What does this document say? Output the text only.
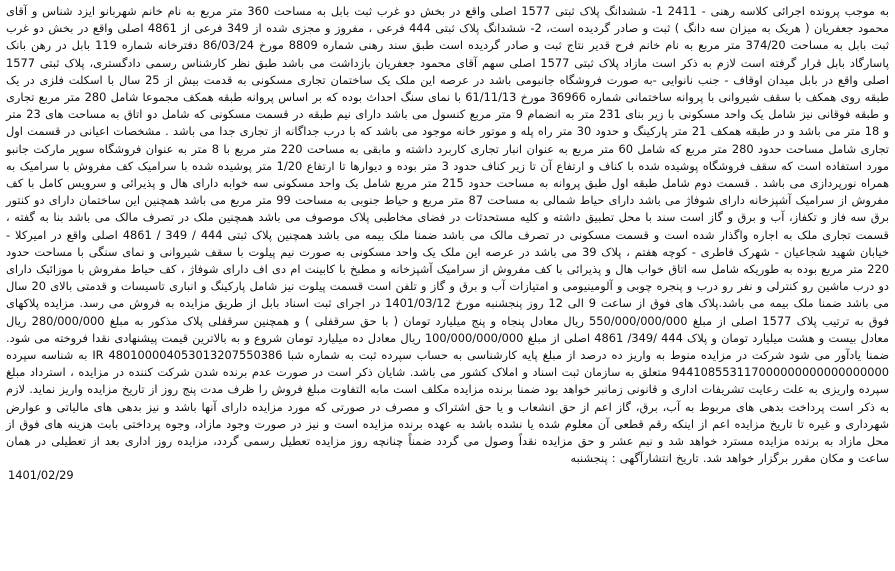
به موجب پرونده اجرائی کلاسه رهنی - 2411 1- ششدانگ پلاک ثبتی 1577 اصلی واقع در بخش دو غرب ثبت بابل به مساحت 360 متر مربع به نام خانم شهربانو ایزد شناس و آقای محمود جعفریان ( هریک به میزان سه دانگ ) ثبت و صادر گردیده است، 2- ششدانگ پلاک ثبتی 444 فرعی ، مفروز و مجزی شده از 349 فرعی از 4861 اصلی واقع در بخش دو غرب ثبت بابل به مساحت 374/20 متر مربع به نام خانم فرح قدیر نتاج ثبت و صادر گردیده است طبق سند رهنی شماره 8809 مورخ 86/03/24 دفترخانه شماره 119 بابل در رهن بانک پاسارگاد بابل قرار گرفته است لازم به ذکر است مازاد پلاک ثبتی 1577 اصلی سهم آقای محمود جعفریان بازداشت می باشد طبق نظر کارشناس رسمی دادگستری، پلاک ثبتی 1577 اصلی واقع در بابل میدان اوقاف - جنب نانوایی -به صورت فروشگاه جانبومی باشد در عرصه این ملک یک ساختمان تجاری مسکونی به قدمت بیش از 25 سال با اسکلت فلزی در یک طبقه روی همکف با سقف شیروانی با پروانه ساختمانی شماره 36966 مورخ 61/11/13 با نمای سنگ احداث بوده که بر اساس پروانه طبقه همکف مجموعا شامل 280 متر مربع تجاری و طبقه فوقانی نیز شامل یک واحد مسکونی با زیر بنای 231 متر به انضمام 9 متر مربع کنسول می باشد دارای نیم طبقه در قسمت مسکونی که شامل دو اتاق به مساحت های 23 متر و 18 متر می باشد و در طبقه همکف 21 متر پارکینگ و حدود 30 متر راه پله و موتور خانه موجود می باشد که با درب جداگانه از تجاری جدا می باشد . مشخصات اعیانی در قسمت اول تجاری شامل مساحت حدود 280 متر مربع که شامل 60 متر مربع به عنوان انبار تجاری کاربرد داشته و مابقی به مساحت 220 متر مربع با 8 متر به عنوان فروشگاه سوپر مارکت جانبو مورد استفاده است که سقف فروشگاه پوشیده شده با کناف و ارتفاع آن تا زیر کناف حدود 3 متر بوده و دیوارها تا ارتفاع 1/20 متر پوشیده شده با سرامیک کف مفروش با سرامیک به همراه نورپردازی می باشد . قسمت دوم شامل طبقه اول طبق پروانه به مساحت حدود 215 متر مربع شامل یک واحد مسکونی سه خوابه دارای هال و پذیرائی و سرویس کامل با کف مفروش از سرامیک آشپزخانه دارای شوفاژ می باشد دارای حیاط شمالی به مساحت 87 متر مربع و حیاط جنوبی به مساحت 99 متر مربع می باشد همچنین این ساختمان دارای دو کنتور برق سه فاز و تکفاز، آب و برق و گاز است سند با محل تطبیق داشته و کلیه مستحدثات در فضای مخاطبی پلاک موصوف می باشد همچنین ملک در تصرف مالک می باشد بنا به گفته ، قسمت تجاری ملک به اجاره واگذار شده است و قسمت مسکونی در تصرف مالک می باشد ضمنا ملک بیمه می باشد همچنین پلاک ثبتی 444 / 349 / 4861 اصلی واقع در امیرکلا - خیابان شهید شجاعیان - شهرک فاطری - کوچه هفتم ، پلاک 39 می باشد در عرصه این ملک یک واحد مسکونی به صورت نیم پیلوت با سقف شیروانی و نمای سنگی با مساحت حدود 220 متر مربع بوده به طوریکه شامل سه اتاق خواب هال و پذیرائی با کف مفروش از سرامیک آشپزخانه و مطبخ با کابینت ام دی اف دارای شوفاژ ، کف حیاط مفروش با موزائیک دارای دو درب ماشین رو کنترلی و نفر رو درب و پنجره چوبی و آلومینیومی و امتیازات آب و برق و گاز و تلفن است قسمت پیلوت نیز شامل پارکینگ و انباری تاسیسات و قدمتی بالای 20 سال می باشد ضمنا ملک بیمه می باشد.پلاک های فوق از ساعت 9 الی 12 روز پنجشنبه مورخ 1401/03/12 در اجرای ثبت اسناد بابل از طریق مزایده به فروش می رسد. مزایده پلاکهای فوق به ترتیب پلاک 1577 اصلی از مبلغ 550/000/000/000 ریال معادل پنجاه و پنج میلیارد تومان ( با حق سرقفلی ) و همچنین سرقفلی پلاک مذکور به مبلغ 280/000/000 ریال معادل بیست و هشت میلیارد تومان و پلاک 444 /349/ 4861 اصلی از مبلغ 100/000/000/000 ریال معادل ده میلیارد تومان شروع و به بالاترین قیمت پیشنهادی نقدا فروخته می شود. ضمنا یادآور می شود شرکت در مزایده منوط به واریز ده درصد از مبلغ پایه کارشناسی به حساب سپرده ثبت به شماره شبا 480100004053013207550386 IR به شناسه سپرده 944108553117000000000000000000 متعلق به سازمان ثبت اسناد و املاک کشور می باشد. شایان ذکر است در صورت عدم برنده شدن شرکت کننده در مزایده ، استرداد مبلغ سپرده واریزی به علت رعایت تشریفات اداری و قانونی زمانبر خواهد بود ضمنا برنده مزایده مکلف است مابه التفاوت مبلغ فروش را ظرف مدت پنج روز از تاریخ مزایده واریز نماید. لازم به ذکر است پرداخت بدهی های مربوط به آب، برق، گاز اعم از حق انشعاب و یا حق اشتراک و مصرف در صورتی که مورد مزایده دارای آنها باشد و نیز بدهی های مالیاتی و عوارض شهرداری و غیره تا تاریخ مزایده اعم از اینکه رقم قطعی آن معلوم شده یا نشده باشد به عهده برنده مزایده است و نیز در صورت وجود مازاد، وجوه پرداختی بابت هزینه های فوق از محل مازاد به برنده مزایده مسترد خواهد شد و نیم عشر و حق مزایده نقداً وصول می گردد ضمناً چنانچه روز مزایده تعطیل رسمی گردد، مزایده روز اداری بعد از تعطیلی در همان ساعت و مکان مقرر برگزار خواهد شد. تاریخ انتشارآگهی : پنجشنبه

1401/02/29
